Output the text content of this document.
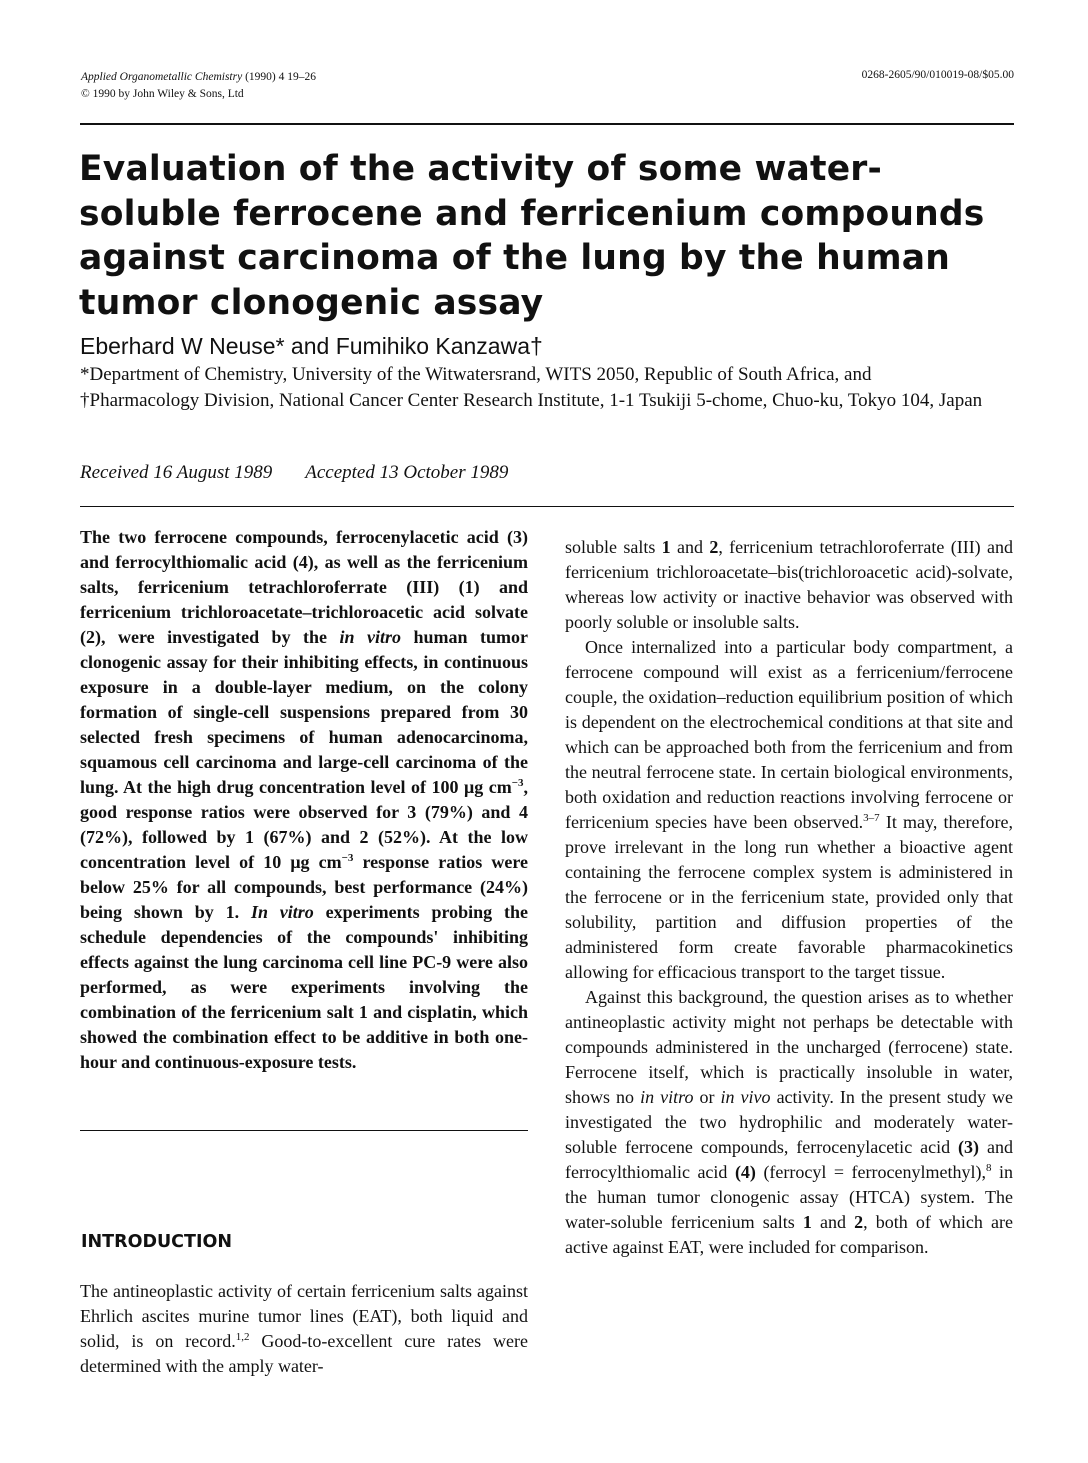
Applied Organometallic Chemistry (1990) 4 19–26
© 1990 by John Wiley & Sons, Ltd
0268-2605/90/010019-08/$05.00
Evaluation of the activity of some water-soluble ferrocene and ferricenium compounds against carcinoma of the lung by the human tumor clonogenic assay
Eberhard W Neuse* and Fumihiko Kanzawa†
*Department of Chemistry, University of the Witwatersrand, WITS 2050, Republic of South Africa, and
†Pharmacology Division, National Cancer Center Research Institute, 1-1 Tsukiji 5-chome, Chuo-ku, Tokyo 104, Japan
Received 16 August 1989 Accepted 13 October 1989

The two ferrocene compounds, ferrocenylacetic acid (3) and ferrocylthiomalic acid (4), as well as the ferricenium salts, ferricenium tetrachloroferrate (III) (1) and ferricenium trichloroacetate–trichloroacetic acid solvate (2), were investigated by the in vitro human tumor clonogenic assay for their inhibiting effects, in continuous exposure in a double-layer medium, on the colony formation of single-cell suspensions prepared from 30 selected fresh specimens of human adenocarcinoma, squamous cell carcinoma and large-cell carcinoma of the lung. At the high drug concentration level of 100 μg $cm^{-3}$, good response ratios were observed for 3 (79%) and 4 (72%), followed by 1 (67%) and 2 (52%). At the low concentration level of 10 μg $cm^{-3}$ response ratios were below 25% for all compounds, best performance (24%) being shown by 1. In vitro experiments probing the schedule dependencies of the compounds' inhibiting effects against the lung carcinoma cell line PC-9 were also performed, as were experiments involving the combination of the ferricenium salt 1 and cisplatin, which showed the combination effect to be additive in both one-hour and continuous-exposure tests.

INTRODUCTION

The antineoplastic activity of certain ferricenium salts against Ehrlich ascites murine tumor lines (EAT), both liquid and solid, is on record.$^{1,2}$ Good-to-excellent cure rates were determined with the amply water-

soluble salts 1 and 2, ferricenium tetrachloroferrate (III) and ferricenium trichloroacetate–bis(trichloroacetic acid)-solvate, whereas low activity or inactive behavior was observed with poorly soluble or insoluble salts.

Once internalized into a particular body compartment, a ferrocene compound will exist as a ferricenium/ferrocene couple, the oxidation–reduction equilibrium position of which is dependent on the electrochemical conditions at that site and which can be approached both from the ferricenium and from the neutral ferrocene state. In certain biological environments, both oxidation and reduction reactions involving ferrocene or ferricenium species have been observed.$^{3-7}$ It may, therefore, prove irrelevant in the long run whether a bioactive agent containing the ferrocene complex system is administered in the ferrocene or in the ferricenium state, provided only that solubility, partition and diffusion properties of the administered form create favorable pharmacokinetics allowing for efficacious transport to the target tissue.

Against this background, the question arises as to whether antineoplastic activity might not perhaps be detectable with compounds administered in the uncharged (ferrocene) state. Ferrocene itself, which is practically insoluble in water, shows no in vitro or in vivo activity. In the present study we investigated the two hydrophilic and moderately water-soluble ferrocene compounds, ferrocenylacetic acid (3) and ferrocylthiomalic acid (4) (ferrocyl = ferrocenylmethyl),$^8$ in the human tumor clonogenic assay (HTCA) system. The water-soluble ferricenium salts 1 and 2, both of which are active against EAT, were included for comparison.
